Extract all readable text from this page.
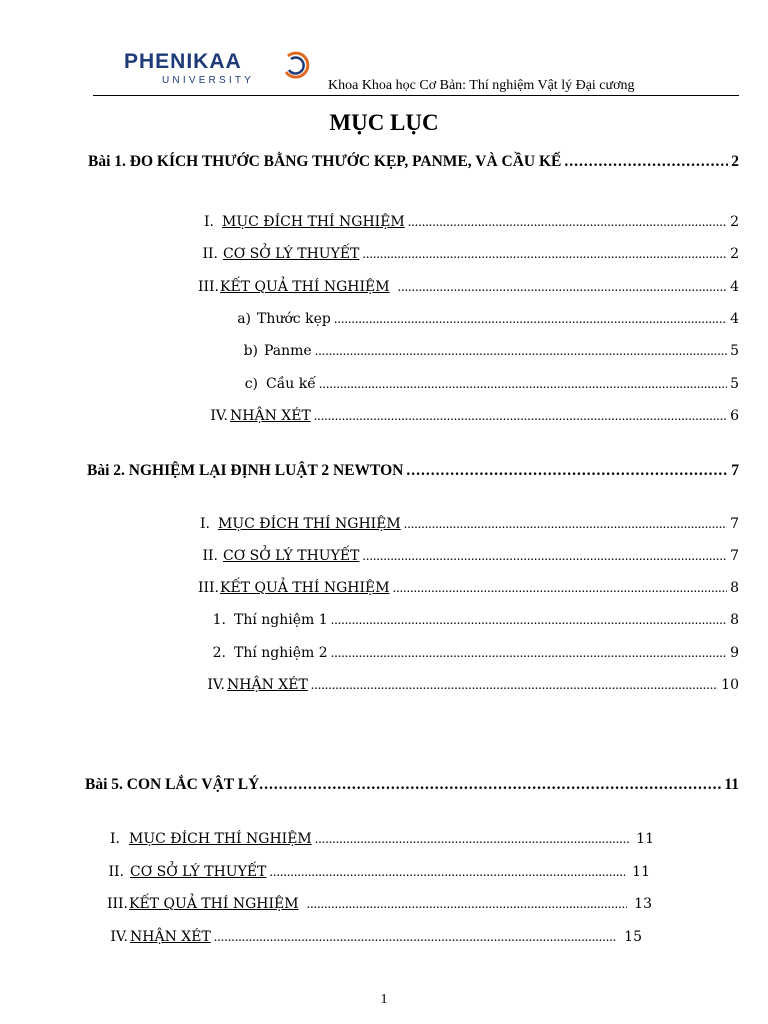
PHENIKAA
UNIVERSITY	Khoa Khoa học Cơ Bản: Thí nghiệm Vật lý Đại cương
MỤC LỤC
Bài 1. ĐO KÍCH THƯỚC BẰNG THƯỚC KẸP, PANME, VÀ CẦU KẾ .....	2
I. MỤC ĐÍCH THÍ NGHIỆM .....	2
II. CƠ SỞ LÝ THUYẾT .....	2
III. KẾT QUẢ THÍ NGHIỆM .....	4
a) Thước kẹp .....	4
b) Panme .....	5
c) Cầu kế .....	5
IV. NHẬN XÉT .....	6
Bài 2. NGHIỆM LẠI ĐỊNH LUẬT 2 NEWTON .....	7
I. MỤC ĐÍCH THÍ NGHIỆM .....	7
II. CƠ SỞ LÝ THUYẾT .....	7
III. KẾT QUẢ THÍ NGHIỆM .....	8
1. Thí nghiệm 1 .....	8
2. Thí nghiệm 2 .....	9
IV. NHẬN XÉT .....	10
Bài 5. CON LẮC VẬT LÝ .....	11
I. MỤC ĐÍCH THÍ NGHIỆM .....	11
II. CƠ SỞ LÝ THUYẾT .....	11
III. KẾT QUẢ THÍ NGHIỆM .....	13
IV. NHẬN XÉT .....	15
1
